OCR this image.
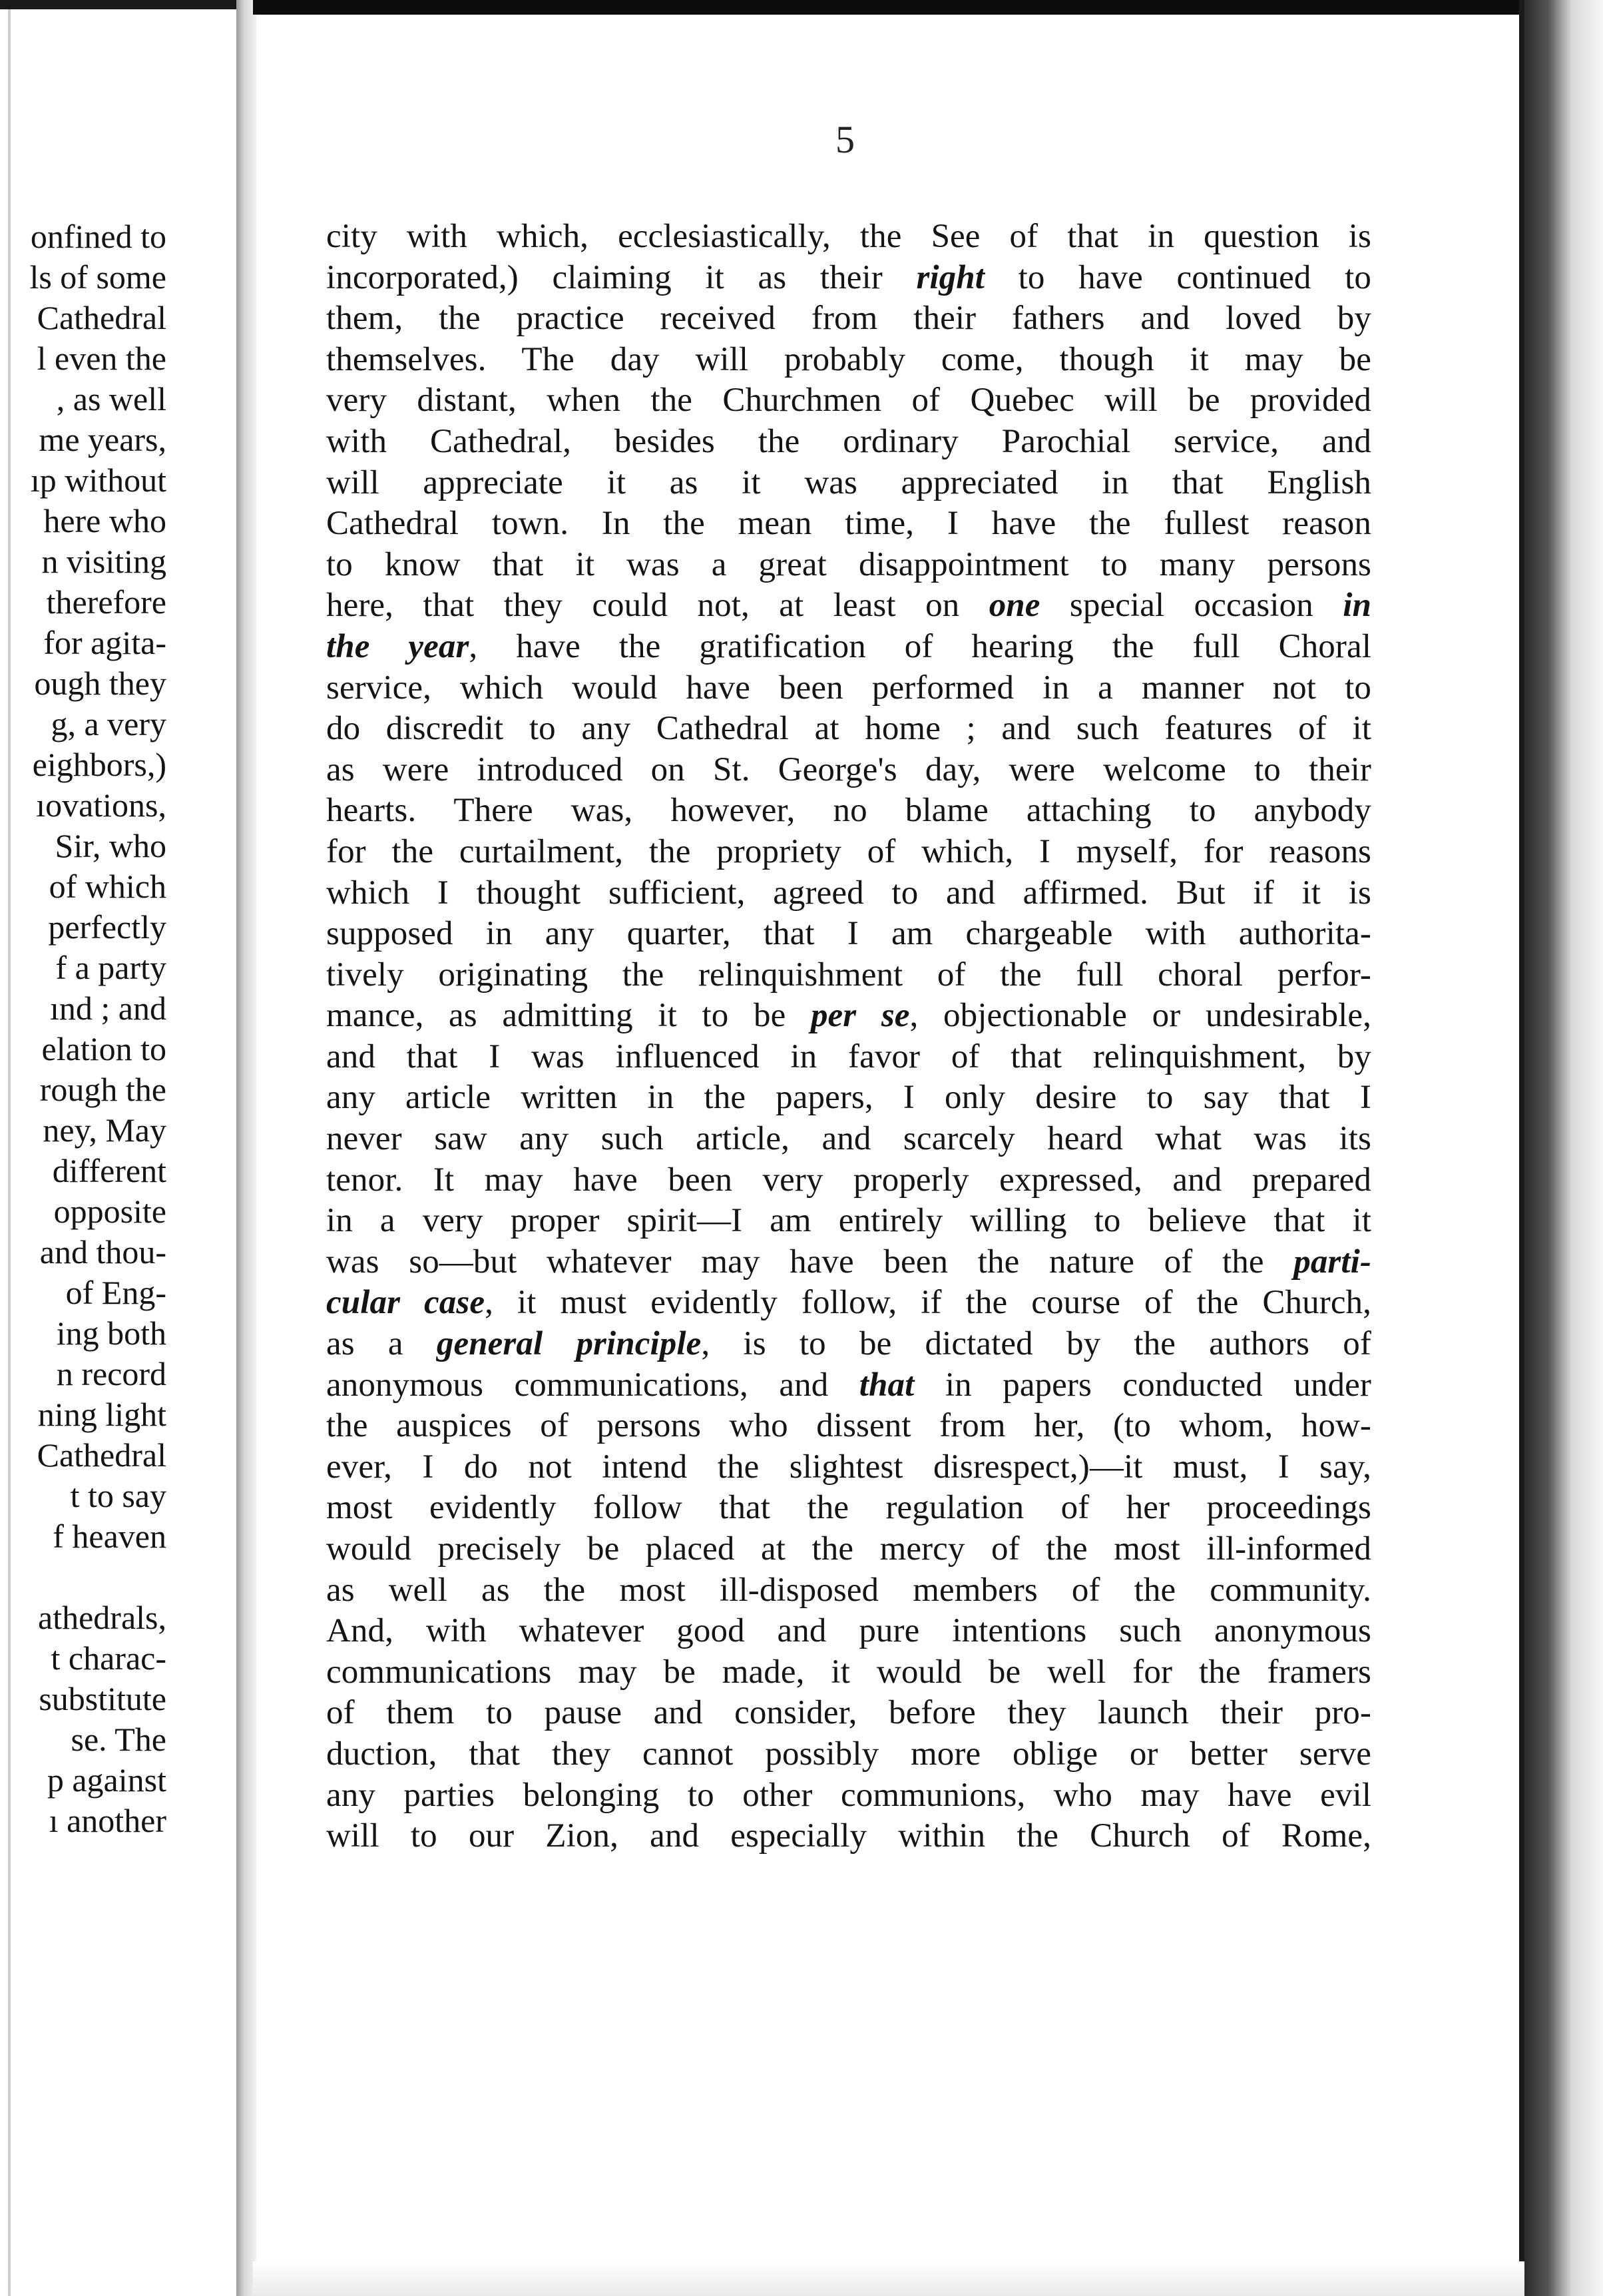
onfined to
ls of some
Cathedral
l even the
, as well
me years,
ıp without
here who
n visiting
therefore
for agita-
ough they
g, a very
eighbors,)
ıovations,
Sir, who
of which
perfectly
f a party
ınd ; and
elation to
rough the
ney, May
different
opposite
and thou-
of Eng-
ing both
n record
ning light
Cathedral
t to say
f heaven
athedrals,
t charac-
substitute
se. The
p against
ı another
5
city with which, ecclesiastically, the See of that in question is
incorporated,) claiming it as their right to have continued to
them, the practice received from their fathers and loved by
themselves. The day will probably come, though it may be
very distant, when the Churchmen of Quebec will be provided
with Cathedral, besides the ordinary Parochial service, and
will appreciate it as it was appreciated in that English
Cathedral town. In the mean time, I have the fullest reason
to know that it was a great disappointment to many persons
here, that they could not, at least on one special occasion in
the year, have the gratification of hearing the full Choral
service, which would have been performed in a manner not to
do discredit to any Cathedral at home ; and such features of it
as were introduced on St. George's day, were welcome to their
hearts. There was, however, no blame attaching to anybody
for the curtailment, the propriety of which, I myself, for reasons
which I thought sufficient, agreed to and affirmed. But if it is
supposed in any quarter, that I am chargeable with authorita-
tively originating the relinquishment of the full choral perfor-
mance, as admitting it to be per se, objectionable or undesirable,
and that I was influenced in favor of that relinquishment, by
any article written in the papers, I only desire to say that I
never saw any such article, and scarcely heard what was its
tenor. It may have been very properly expressed, and prepared
in a very proper spirit—I am entirely willing to believe that it
was so—but whatever may have been the nature of the parti-
cular case, it must evidently follow, if the course of the Church,
as a general principle, is to be dictated by the authors of
anonymous communications, and that in papers conducted under
the auspices of persons who dissent from her, (to whom, how-
ever, I do not intend the slightest disrespect,)—it must, I say,
most evidently follow that the regulation of her proceedings
would precisely be placed at the mercy of the most ill-informed
as well as the most ill-disposed members of the community.
And, with whatever good and pure intentions such anonymous
communications may be made, it would be well for the framers
of them to pause and consider, before they launch their pro-
duction, that they cannot possibly more oblige or better serve
any parties belonging to other communions, who may have evil
will to our Zion, and especially within the Church of Rome,
